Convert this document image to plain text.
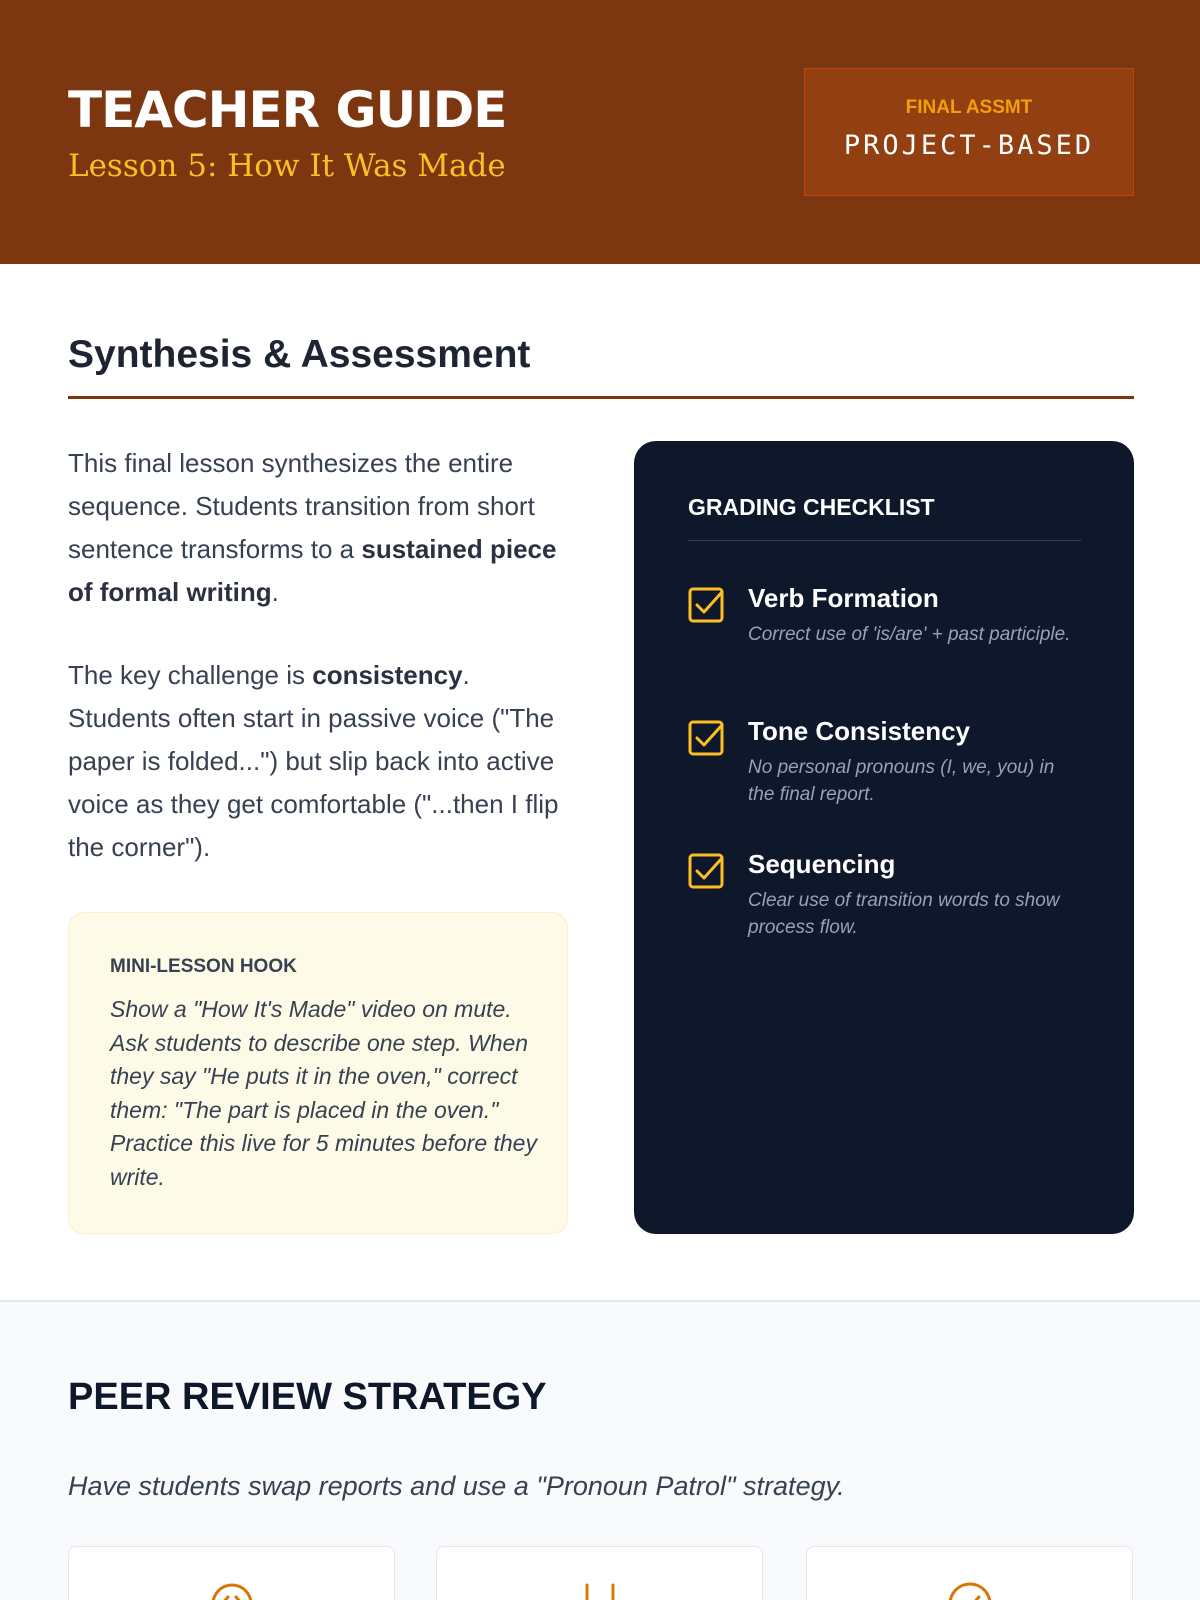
TEACHER GUIDE
Lesson 5: How It Was Made
FINAL ASSMT
PROJECT-BASED
Synthesis & Assessment

This final lesson synthesizes the entire sequence. Students transition from short sentence transforms to a sustained piece of formal writing.

The key challenge is consistency. Students often start in passive voice ("The paper is folded...") but slip back into active voice as they get comfortable ("...then I flip the corner").

MINI-LESSON HOOK
Show a "How It's Made" video on mute. Ask students to describe one step. When they say "He puts it in the oven," correct them: "The part is placed in the oven." Practice this live for 5 minutes before they write.
GRADING CHECKLIST
Verb Formation
Correct use of 'is/are' + past participle.
Tone Consistency
No personal pronouns (I, we, you) in the final report.
Sequencing
Clear use of transition words to show process flow.
PEER REVIEW STRATEGY
Have students swap reports and use a "Pronoun Patrol" strategy.
